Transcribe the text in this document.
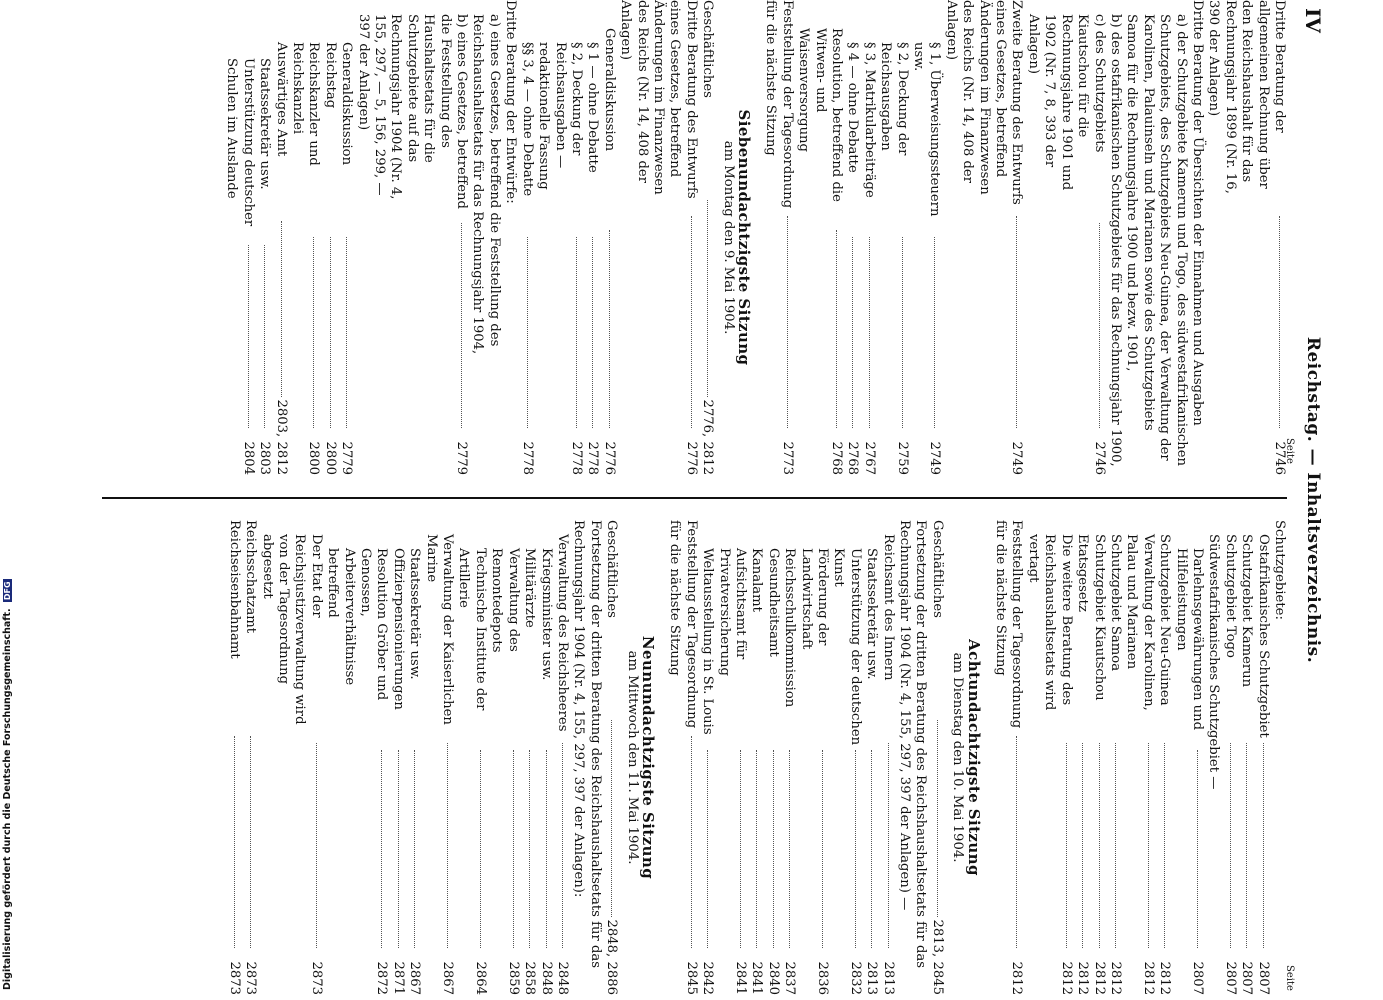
IV
Reichstag. — Inhaltsverzeichnis.
Seite
Seite
Dritte Beratung der allgemeinen Rechnung über den Reichshaushalt für das Rechnungsjahr 1899 (Nr. 16, 390 der Anlagen)
2746
Dritte Beratung der Übersichten der Einnahmen und Ausgaben
a) der Schutzgebiete Kamerun und Togo, des südwestafrikanischen Schutzgebiets, des Schutzgebiets Neu-Guinea, der Verwaltung der Karolinen, Palauinseln und Marianen sowie des Schutzgebiets Samoa für die Rechnungsjahre 1900 und bezw. 1901,
b) des ostafrikanischen Schutzgebiets für das Rechnungsjahr 1900,
c) des Schutzgebiets Kiautschou für die Rechnungsjahre 1901 und 1902 (Nr. 7, 8, 393 der Anlagen)
2746
Zweite Beratung des Entwurfs eines Gesetzes, betreffend Änderungen im Finanzwesen des Reichs (Nr. 14, 408 der Anlagen)
2749
§ 1, Überweisungssteuern usw.
2749
§ 2, Deckung der Reichsausgaben
2759
§ 3, Matrikularbeiträge
2767
§ 4 — ohne Debatte
2768
Resolution, betreffend die Witwen- und Waisenversorgung
2768
Feststellung der Tagesordnung für die nächste Sitzung
2773
Siebenundachtzigste Sitzung
am Montag den 9. Mai 1904.
Geschäftliches
2776, 2812
Dritte Beratung des Entwurfs eines Gesetzes, betreffend Änderungen im Finanzwesen des Reichs (Nr. 14, 408 der Anlagen)
2776
Generaldiskussion
2776
§ 1 — ohne Debatte
2778
§ 2, Deckung der Reichsausgaben — redaktionelle Fassung
2778
§§ 3, 4 — ohne Debatte
2778
Dritte Beratung der Entwürfe:
a) eines Gesetzes, betreffend die Feststellung des Reichshaushaltsetats für das Rechnungsjahr 1904,
b) eines Gesetzes, betreffend die Feststellung des Haushaltsetats für die Schutzgebiete auf das Rechnungsjahr 1904 (Nr. 4, 155, 297, — 5, 156, 299, — 397 der Anlagen)
2779
Generaldiskussion
2779
Reichstag
2800
Reichskanzler und Reichskanzlei
2800
Auswärtiges Amt
2803, 2812
Staatssekretär usw.
2803
Unterstützung deutscher Schulen im Auslande
2804
Schutzgebiete:
Ostafrikanisches Schutzgebiet
2807
Schutzgebiet Kamerun
2807
Schutzgebiet Togo
2807
Südwestafrikanisches Schutzgebiet —
Darlehnsgewährungen und Hilfeleistungen
2807
Schutzgebiet Neu-Guinea
2812
Verwaltung der Karolinen, Palau und Marianen
2812
Schutzgebiet Samoa
2812
Schutzgebiet Kiautschou
2812
Etatsgesetz
2812
Die weitere Beratung des Reichshaushaltsetats wird vertagt
2812
Feststellung der Tagesordnung für die nächste Sitzung
2812
Achtundachtzigste Sitzung
am Dienstag den 10. Mai 1904.
Geschäftliches
2813, 2845
Fortsetzung der dritten Beratung des Reichshaushaltsetats für das Rechnungsjahr 1904 (Nr. 4, 155, 297, 397 der Anlagen) —
Reichsamt des Innern
2813
Staatssekretär usw.
2813
Unterstützung der deutschen Kunst
2832
Förderung der Landwirtschaft
2836
Reichsschulkommission
2837
Gesundheitsamt
2840
Kanalamt
2841
Aufsichtsamt für Privatversicherung
2841
Weltausstellung in St. Louis
2842
Feststellung der Tagesordnung für die nächste Sitzung
2845
Neunundachtzigste Sitzung
am Mittwoch den 11. Mai 1904.
Geschäftliches
2848, 2886
Fortsetzung der dritten Beratung des Reichshaushaltsetats für das Rechnungsjahr 1904 (Nr. 4, 155, 297, 397 der Anlagen):
Verwaltung des Reichsheeres
2848
Kriegsminister usw.
2848
Militärärzte
2858
Verwaltung des Remontedepots
2859
Technische Institute der Artillerie
2864
Verwaltung der Kaiserlichen Marine
2867
Staatssekretär usw.
2867
Offizierpensionierungen
2871
Resolution Gröber und Genossen, Arbeiterverhältnisse betreffend
2872
Der Etat der Reichsjustizverwaltung wird von der Tagesordnung abgesetzt
2873
Reichsschatzamt
2873
Reichseisenbahnamt
2873
Digitalisierung gefördert durch die Deutsche Forschungsgemeinschaft. DFG
